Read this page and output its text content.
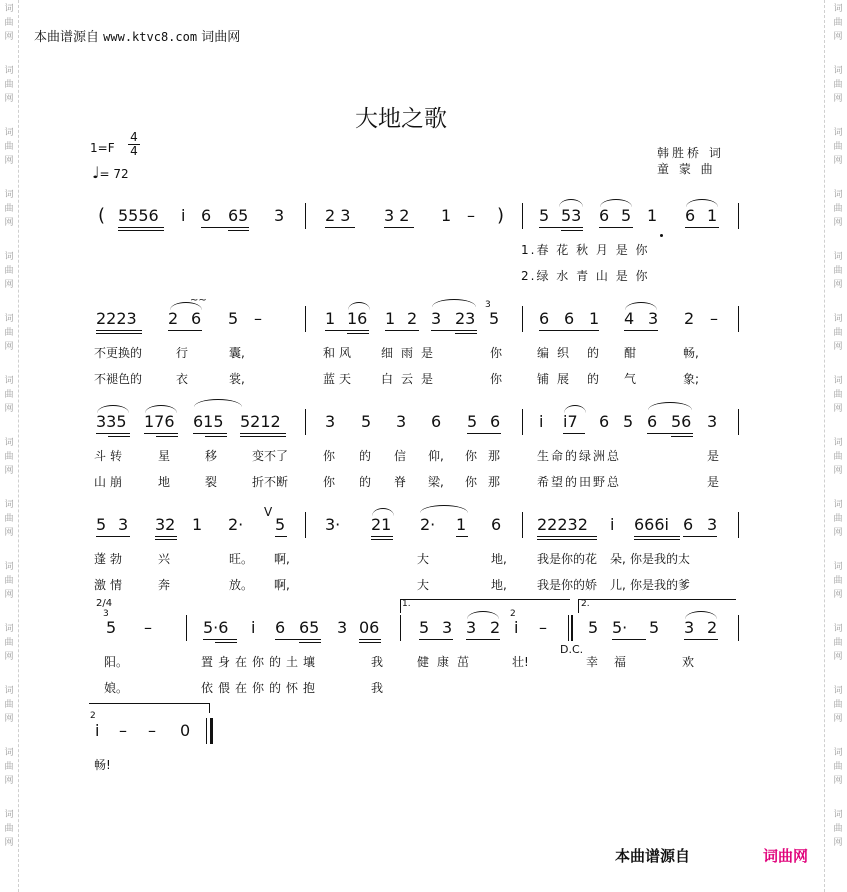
词
曲
网
词
曲
网
词
曲
网
词
曲
网
词
曲
网
词
曲
网
词
曲
网
词
曲
网
词
曲
网
词
曲
网
词
曲
网
词
曲
网
词
曲
网
词
曲
网
词
曲
网
词
曲
网
词
曲
网
词
曲
网
词
曲
网
词
曲
网
词
曲
网
词
曲
网
词
曲
网
词
曲
网
词
曲
网
词
曲
网
词
曲
网
词
曲
网
本曲谱源自 www.ktvc8.com 词曲网
大地之歌
1=F
4
4
♩= 72
韩胜桥 词
童 蒙 曲
( 5556 i 6 65 3	2 3 3 2 1 – ) 5 53 6 5 1 6 1
1.春 花 秋 月 是 你
2.绿 水 青 山 是 你
2223 2 6 5 –	1 16 1 2 3 23 5 6 6 1 4 3 2 –
~~	3
不更换的	行	囊,	和风 细雨是	你	编织 的 酣	畅,
不褪色的	衣	裳,	蓝天 白云是	你	铺展 的 气	象;
335 176 615 5212	3 5 3 6 5 6 i i7 6 5 6 56 3
斗转	星	移	变不了	你 的 信 仰, 你 那	生命的绿洲总	是
山崩	地	裂	折不断	你 的 脊 梁, 你 那	希望的田野总	是
5 3 32 1 2·
V
5 3· 21 2· 1 6 22232 i 666i 6 3
蓬勃	兴	旺。 啊,	大	地,	我是你的花 朵, 你是我的太
激情	奔	放。 啊,	大	地,	我是你的娇 儿, 你是我的爹
2/4	1.	2.
3
5 –	5·6 i 6 65 3 06 5 3 3 2
2
i –	5 5· 5 3 2
D.C.
阳。	置身在你的土壤	我	健康茁	壮!	幸福	欢
娘。	依偎在你的怀抱	我
2
i – – 0
畅!
本曲谱源自	词曲网
